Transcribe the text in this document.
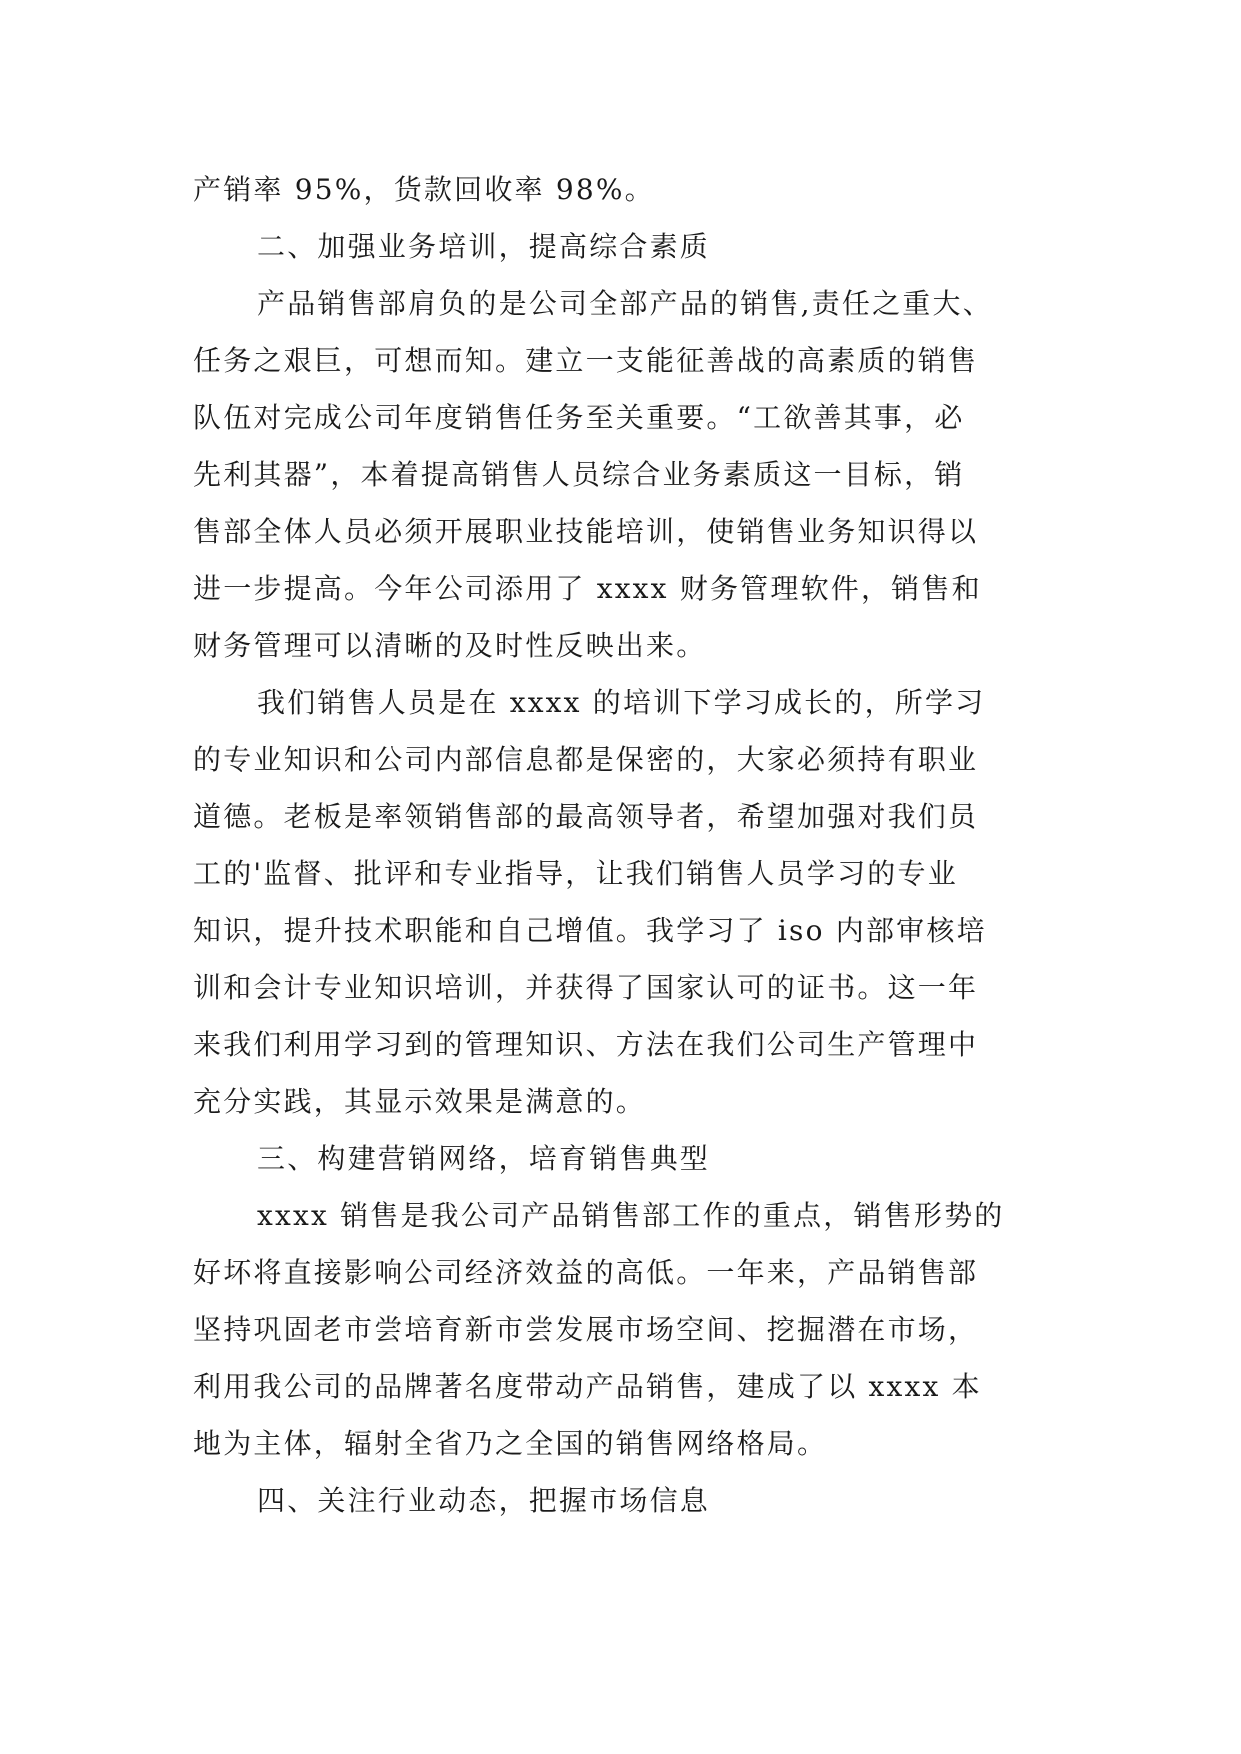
产销率 95%，货款回收率 98%。
二、加强业务培训，提高综合素质
产品销售部肩负的是公司全部产品的销售,责任之重大、
任务之艰巨，可想而知。建立一支能征善战的高素质的销售
队伍对完成公司年度销售任务至关重要。“工欲善其事，必
先利其器”，本着提高销售人员综合业务素质这一目标，销
售部全体人员必须开展职业技能培训，使销售业务知识得以
进一步提高。今年公司添用了 xxxx 财务管理软件，销售和
财务管理可以清晰的及时性反映出来。
我们销售人员是在 xxxx 的培训下学习成长的，所学习
的专业知识和公司内部信息都是保密的，大家必须持有职业
道德。老板是率领销售部的最高领导者，希望加强对我们员
工的'监督、批评和专业指导，让我们销售人员学习的专业
知识，提升技术职能和自己增值。我学习了 iso 内部审核培
训和会计专业知识培训，并获得了国家认可的证书。这一年
来我们利用学习到的管理知识、方法在我们公司生产管理中
充分实践，其显示效果是满意的。
三、构建营销网络，培育销售典型
xxxx 销售是我公司产品销售部工作的重点，销售形势的
好坏将直接影响公司经济效益的高低。一年来，产品销售部
坚持巩固老市尝培育新市尝发展市场空间、挖掘潜在市场，
利用我公司的品牌著名度带动产品销售，建成了以 xxxx 本
地为主体，辐射全省乃之全国的销售网络格局。
四、关注行业动态，把握市场信息
